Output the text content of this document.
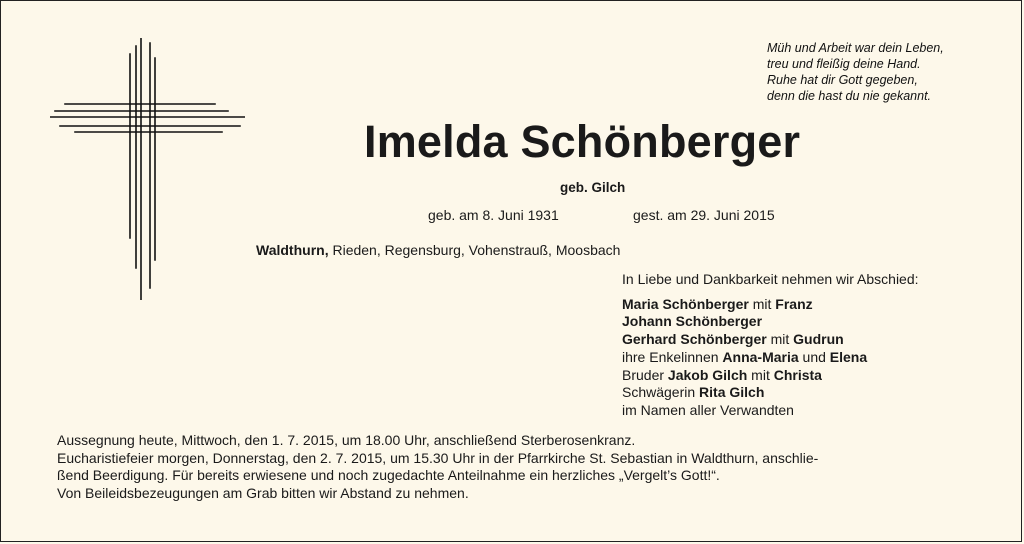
Müh und Arbeit war dein Leben,
treu und fleißig deine Hand.
Ruhe hat dir Gott gegeben,
denn die hast du nie gekannt.
Imelda Schönberger
geb. Gilch
geb. am 8. Juni 1931	gest. am 29. Juni 2015
Waldthurn, Rieden, Regensburg, Vohenstrauß, Moosbach
In Liebe und Dankbarkeit nehmen wir Abschied:
Maria Schönberger mit Franz
Johann Schönberger
Gerhard Schönberger mit Gudrun
ihre Enkelinnen Anna-Maria und Elena
Bruder Jakob Gilch mit Christa
Schwägerin Rita Gilch
im Namen aller Verwandten
Aussegnung heute, Mittwoch, den 1. 7. 2015, um 18.00 Uhr, anschließend Sterberosenkranz.
Eucharistiefeier morgen, Donnerstag, den 2. 7. 2015, um 15.30 Uhr in der Pfarrkirche St. Sebastian in Waldthurn, anschlie-
ßend Beerdigung. Für bereits erwiesene und noch zugedachte Anteilnahme ein herzliches „Vergelt’s Gott!“.
Von Beileidsbezeugungen am Grab bitten wir Abstand zu nehmen.
